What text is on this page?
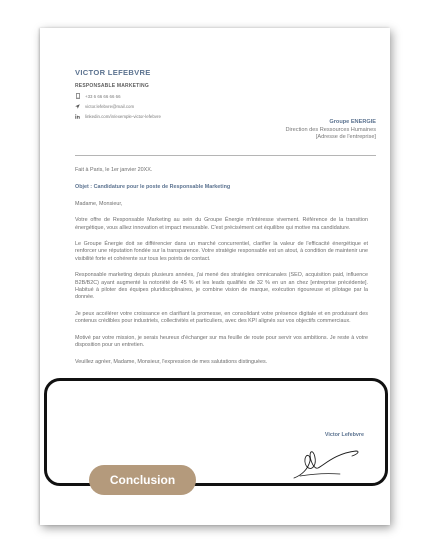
VICTOR LEFEBVRE
RESPONSABLE MARKETING
+33 6 66 66 66 66
victor.lefebvre@mail.com
linkedin.com/in/exemple-victor-lefebvre
Groupe ENERGIE
Direction des Ressources Humaines
[Adresse de l'entreprise]
Fait à Paris, le 1er janvier 20XX.
Objet : Candidature pour le poste de Responsable Marketing

Madame, Monsieur,

Votre offre de Responsable Marketing au sein du Groupe Énergie m'intéresse vivement. Référence de la transition énergétique, vous alliez innovation et impact mesurable. C'est précisément cet équilibre qui motive ma candidature.

Le Groupe Énergie doit se différencier dans un marché concurrentiel, clarifier la valeur de l'efficacité énergétique et renforcer une réputation fondée sur la transparence. Votre stratégie responsable est un atout, à condition de maintenir une visibilité forte et cohérente sur tous les points de contact.

Responsable marketing depuis plusieurs années, j'ai mené des stratégies omnicanales (SEO, acquisition paid, influence B2B/B2C) ayant augmenté la notoriété de 45 % et les leads qualifiés de 32 % en un an chez [entreprise précédente]. Habitué à piloter des équipes pluridisciplinaires, je combine vision de marque, exécution rigoureuse et pilotage par la donnée.

Je peux accélérer votre croissance en clarifiant la promesse, en consolidant votre présence digitale et en produisant des contenus crédibles pour industriels, collectivités et particuliers, avec des KPI alignés sur vos objectifs commerciaux.

Motivé par votre mission, je serais heureux d'échanger sur ma feuille de route pour servir vos ambitions. Je reste à votre disposition pour un entretien.

Veuillez agréer, Madame, Monsieur, l'expression de mes salutations distinguées.

Victor Lefebvre
Conclusion
